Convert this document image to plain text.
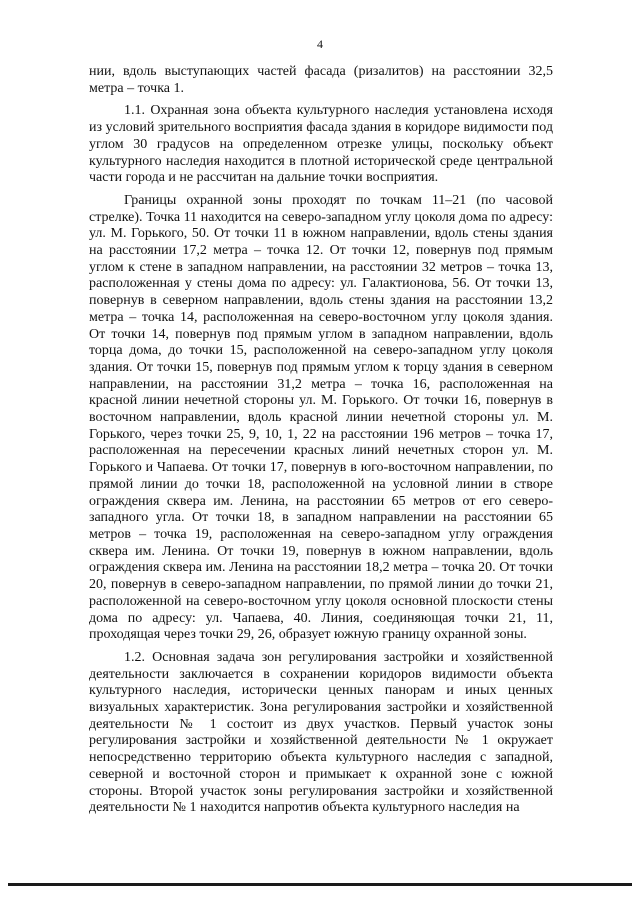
4

нии, вдоль выступающих частей фасада (ризалитов) на расстоянии 32,5 метра – точка 1.

1.1. Охранная зона объекта культурного наследия установлена исходя из условий зрительного восприятия фасада здания в коридоре видимости под углом 30 градусов на определенном отрезке улицы, поскольку объект культурного наследия находится в плотной исторической среде центральной части города и не рассчитан на дальние точки восприятия.

Границы охранной зоны проходят по точкам 11–21 (по часовой стрелке). Точка 11 находится на северо-западном углу цоколя дома по адресу: ул. М. Горького, 50. От точки 11 в южном направлении, вдоль стены здания на расстоянии 17,2 метра – точка 12. От точки 12, повернув под прямым углом к стене в западном направлении, на расстоянии 32 метров – точка 13, расположенная у стены дома по адресу: ул. Галактионова, 56. От точки 13, повернув в северном направлении, вдоль стены здания на расстоянии 13,2 метра – точка 14, расположенная на северо-восточном углу цоколя здания. От точки 14, повернув под прямым углом в западном направлении, вдоль торца дома, до точки 15, расположенной на северо-западном углу цоколя здания. От точки 15, повернув под прямым углом к торцу здания в северном направлении, на расстоянии 31,2 метра – точка 16, расположенная на красной линии нечетной стороны ул. М. Горького. От точки 16, повернув в восточном направлении, вдоль красной линии нечетной стороны ул. М. Горького, через точки 25, 9, 10, 1, 22 на расстоянии 196 метров – точка 17, расположенная на пересечении красных линий нечетных сторон ул. М. Горького и Чапаева. От точки 17, повернув в юго-восточном направлении, по прямой линии до точки 18, расположенной на условной линии в створе ограждения сквера им. Ленина, на расстоянии 65 метров от его северо-западного угла. От точки 18, в западном направлении на расстоянии 65 метров – точка 19, расположенная на северо-западном углу ограждения сквера им. Ленина. От точки 19, повернув в южном направлении, вдоль ограждения сквера им. Ленина на расстоянии 18,2 метра – точка 20. От точки 20, повернув в северо-западном направлении, по прямой линии до точки 21, расположенной на северо-восточном углу цоколя основной плоскости стены дома по адресу: ул. Чапаева, 40. Линия, соединяющая точки 21, 11, проходящая через точки 29, 26, образует южную границу охранной зоны.

1.2. Основная задача зон регулирования застройки и хозяйственной деятельности заключается в сохранении коридоров видимости объекта культурного наследия, исторически ценных панорам и иных ценных визуальных характеристик. Зона регулирования застройки и хозяйственной деятельности № 1 состоит из двух участков. Первый участок зоны регулирования застройки и хозяйственной деятельности № 1 окружает непосредственно территорию объекта культурного наследия с западной, северной и восточной сторон и примыкает к охранной зоне с южной стороны. Второй участок зоны регулирования застройки и хозяйственной деятельности № 1 находится напротив объекта культурного наследия на
